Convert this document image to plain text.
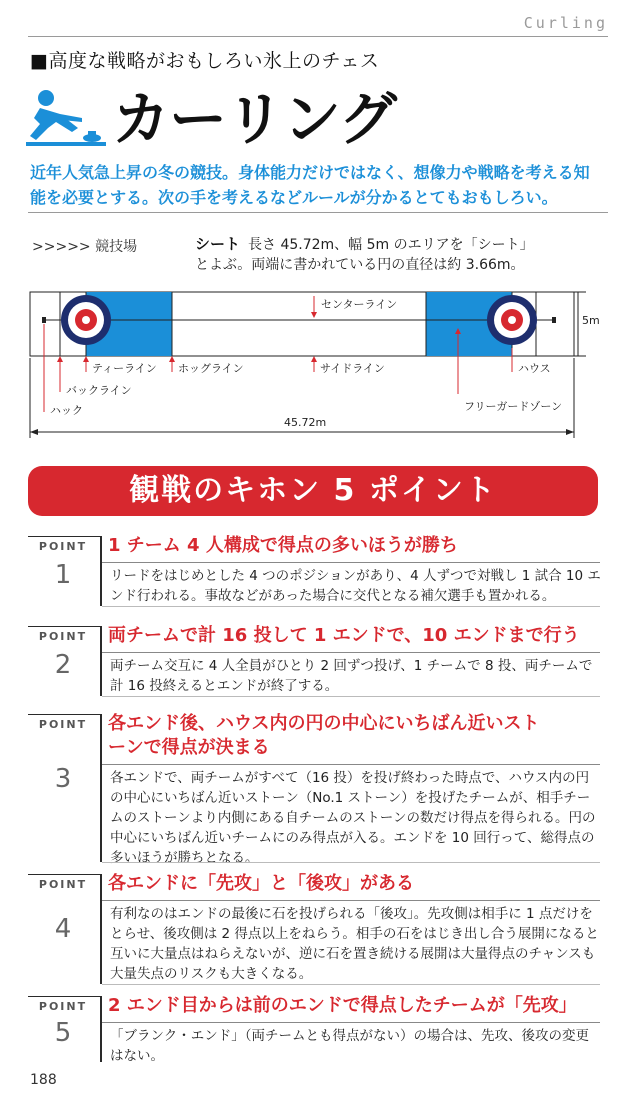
Curling
■高度な戦略がおもしろい氷上のチェス
カーリング
近年人気急上昇の冬の競技。身体能力だけではなく、想像力や戦略を考える知能を必要とする。次の手を考えるなどルールが分かるとてもおもしろい。
>>>>> 競技場	シート 長さ 45.72m、幅 5m のエリアを「シート」とよぶ。両端に書かれている円の直径は約 3.66m。
5m
センターライン
ティーライン ホッグライン	サイドライン	ハウス
バックライン
ハック	フリーガードゾーン
45.72m
観戦のキホン 5 ポイント
POINT
1
1 チーム 4 人構成で得点の多いほうが勝ち
リードをはじめとした 4 つのポジションがあり、4 人ずつで対戦し 1 試合 10 エンド行われる。事故などがあった場合に交代となる補欠選手も置かれる。
POINT
2
両チームで計 16 投して 1 エンドで、10 エンドまで行う
両チーム交互に 4 人全員がひとり 2 回ずつ投げ、1 チームで 8 投、両チームで計 16 投終えるとエンドが終了する。
POINT
3
各エンド後、ハウス内の円の中心にいちばん近いストーンで得点が決まる
各エンドで、両チームがすべて（16 投）を投げ終わった時点で、ハウス内の円の中心にいちばん近いストーン（No.1 ストーン）を投げたチームが、相手チームのストーンより内側にある自チームのストーンの数だけ得点を得られる。円の中心にいちばん近いチームにのみ得点が入る。エンドを 10 回行って、総得点の多いほうが勝ちとなる。
POINT
4
各エンドに「先攻」と「後攻」がある
有利なのはエンドの最後に石を投げられる「後攻」。先攻側は相手に 1 点だけをとらせ、後攻側は 2 得点以上をねらう。相手の石をはじき出し合う展開になると互いに大量点はねらえないが、逆に石を置き続ける展開は大量得点のチャンスも大量失点のリスクも大きくなる。
POINT
5
2 エンド目からは前のエンドで得点したチームが「先攻」
「ブランク・エンド」（両チームとも得点がない）の場合は、先攻、後攻の変更はない。
188
